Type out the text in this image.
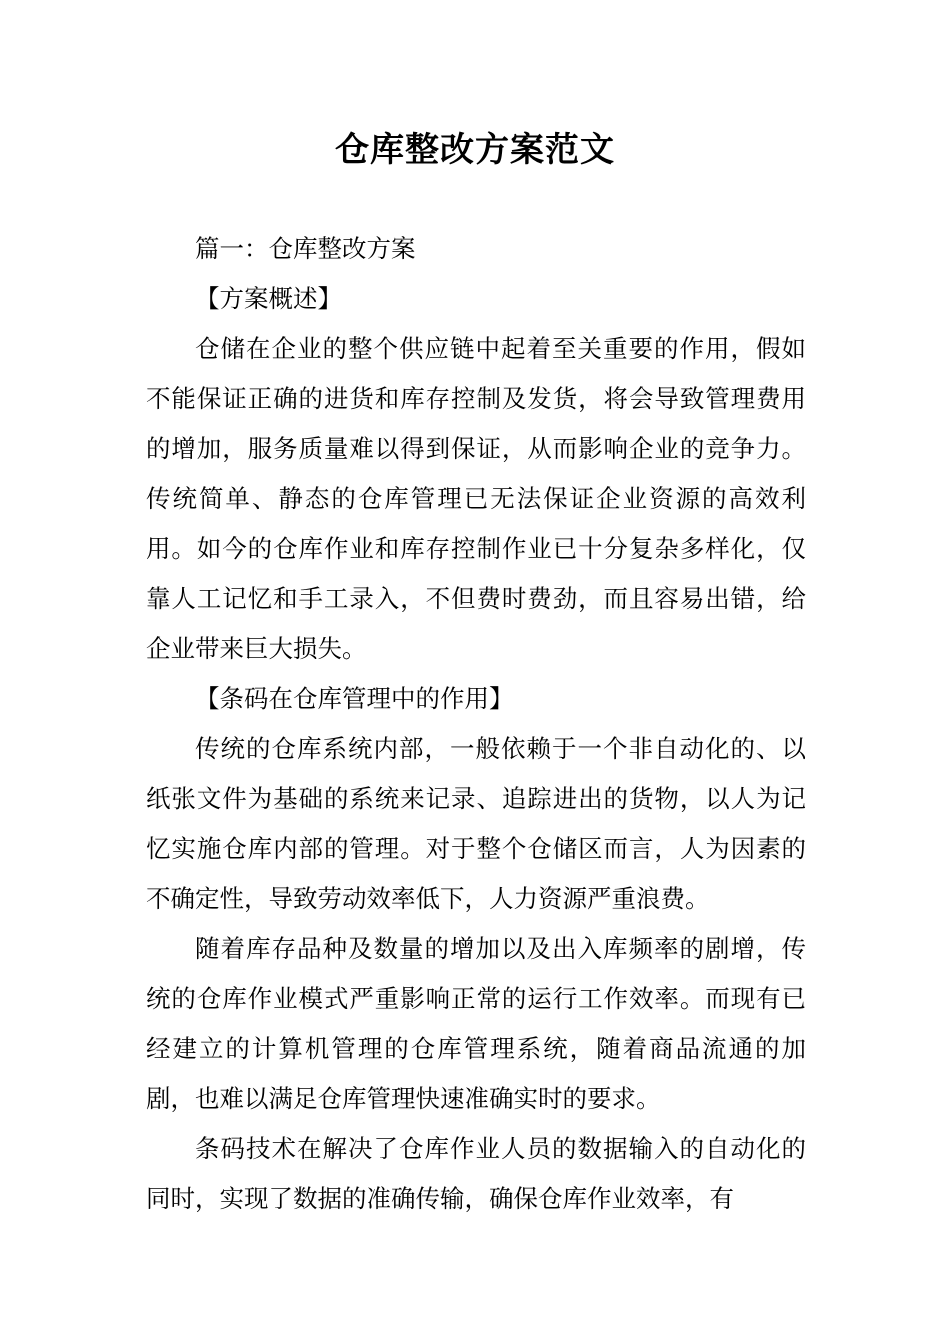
仓库整改方案范文

篇一：仓库整改方案

【方案概述】

仓储在企业的整个供应链中起着至关重要的作用，假如不能保证正确的进货和库存控制及发货，将会导致管理费用的增加，服务质量难以得到保证，从而影响企业的竞争力。传统简单、静态的仓库管理已无法保证企业资源的高效利用。如今的仓库作业和库存控制作业已十分复杂多样化，仅靠人工记忆和手工录入，不但费时费劲，而且容易出错，给企业带来巨大损失。

【条码在仓库管理中的作用】

传统的仓库系统内部，一般依赖于一个非自动化的、以纸张文件为基础的系统来记录、追踪进出的货物，以人为记忆实施仓库内部的管理。对于整个仓储区而言，人为因素的不确定性，导致劳动效率低下，人力资源严重浪费。

随着库存品种及数量的增加以及出入库频率的剧增，传统的仓库作业模式严重影响正常的运行工作效率。而现有已经建立的计算机管理的仓库管理系统，随着商品流通的加剧，也难以满足仓库管理快速准确实时的要求。

条码技术在解决了仓库作业人员的数据输入的自动化的同时，实现了数据的准确传输，确保仓库作业效率，有
